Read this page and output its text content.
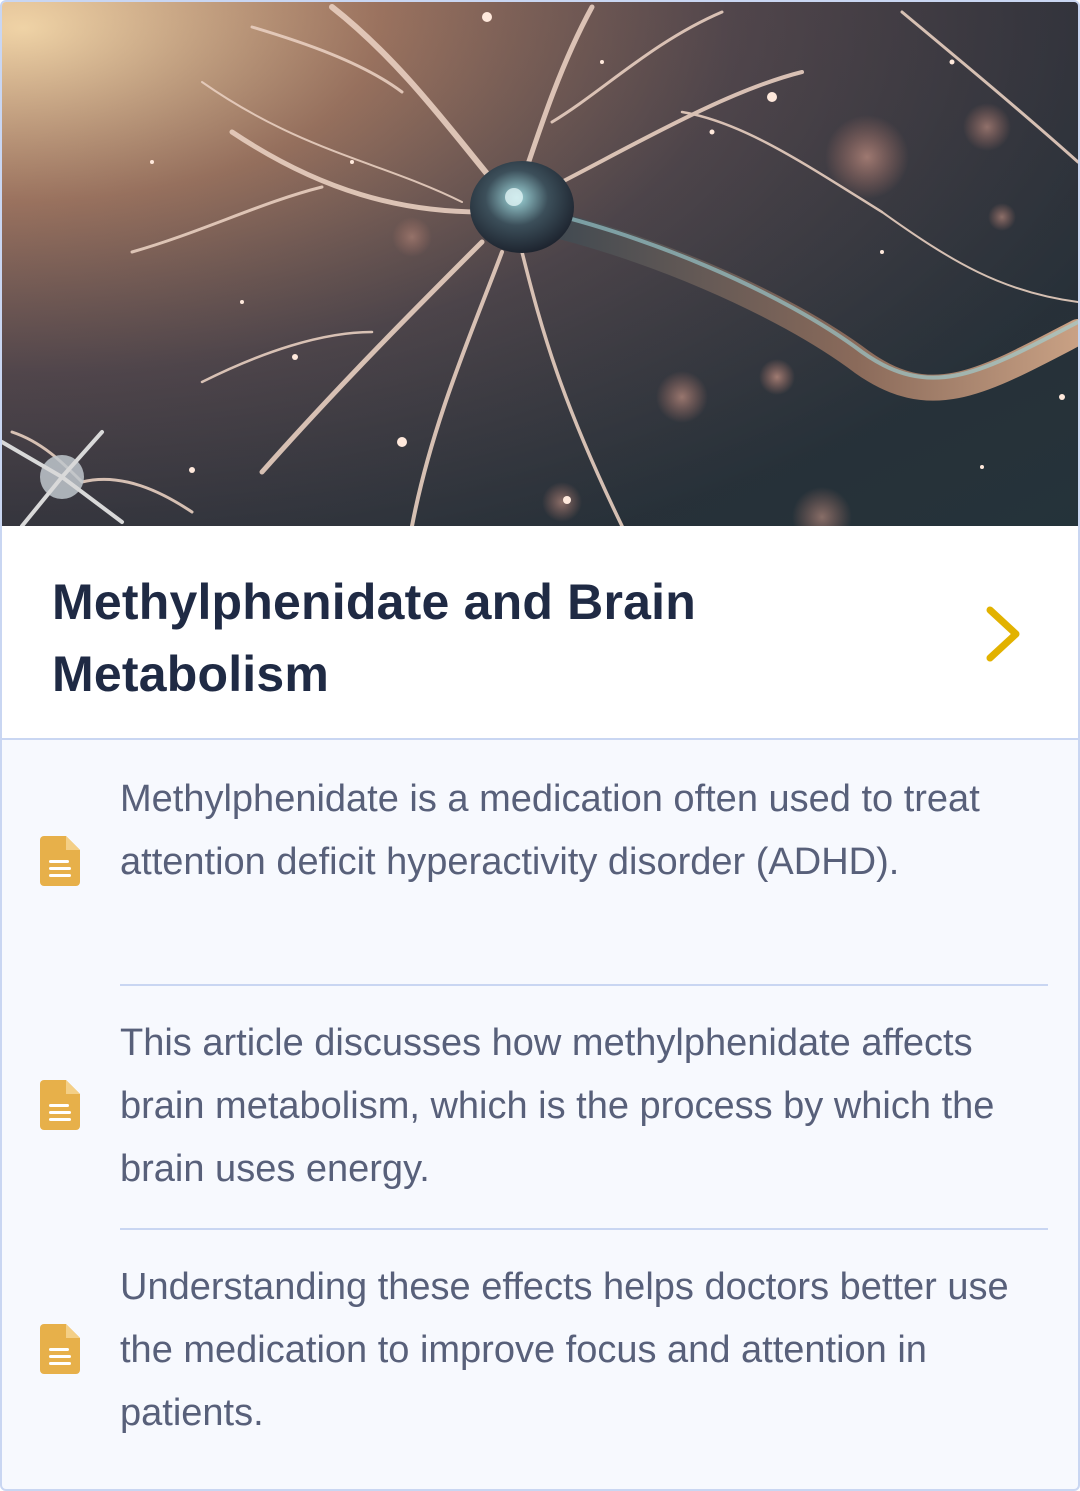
Methylphenidate and Brain Metabolism

Methylphenidate is a medication often used to treat attention deficit hyperactivity disorder (ADHD).

This article discusses how methylphenidate affects brain metabolism, which is the process by which the brain uses energy.

Understanding these effects helps doctors better use the medication to improve focus and attention in patients.
